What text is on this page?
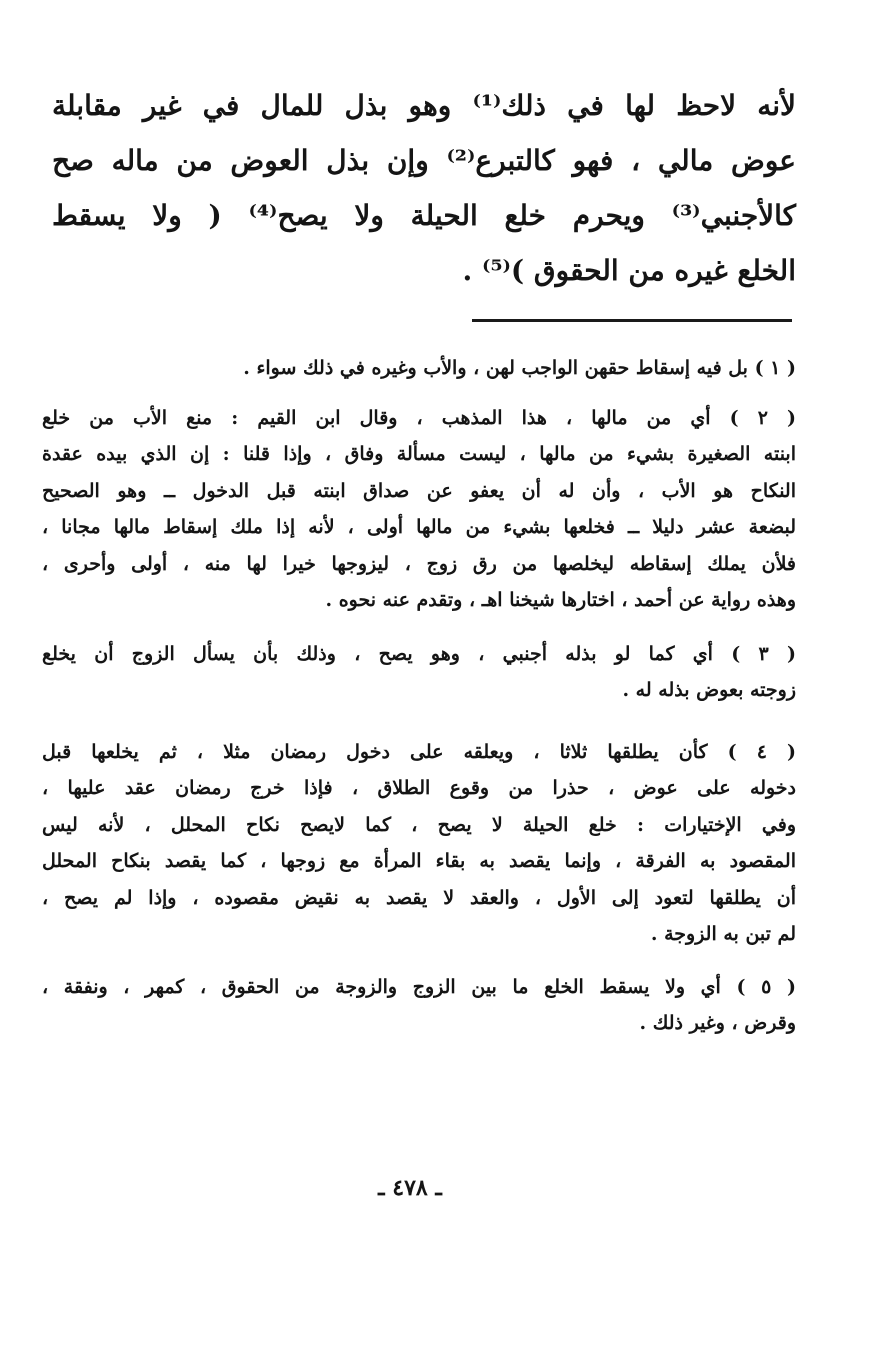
لأنه لاحظ لها في ذلك⁽¹⁾ وهو بذل للمال في غير مقابلة
عوض مالي ، فهو كالتبرع⁽²⁾ وإن بذل العوض من ماله صح
كالأجنبي⁽³⁾ ويحرم خلع الحيلة ولا يصح⁽⁴⁾ ( ولا يسقط
الخلع غيره من الحقوق )⁽⁵⁾ .

( ١ ) بل فيه إسقاط حقهن الواجب لهن ، والأب وغيره في ذلك سواء .

( ٢ ) أي من مالها ، هذا المذهب ، وقال ابن القيم : منع الأب من خلع
ابنته الصغيرة بشيء من مالها ، ليست مسألة وفاق ، وإذا قلنا : إن الذي بيده عقدة
النكاح هو الأب ، وأن له أن يعفو عن صداق ابنته قبل الدخول ــ وهو الصحيح
لبضعة عشر دليلا ــ فخلعها بشيء من مالها أولى ، لأنه إذا ملك إسقاط مالها مجانا ،
فلأن يملك إسقاطه ليخلصها من رق زوج ، ليزوجها خيرا لها منه ، أولى وأحرى ،
وهذه رواية عن أحمد ، اختارها شيخنا اهـ ، وتقدم عنه نحوه .

( ٣ ) أي كما لو بذله أجنبي ، وهو يصح ، وذلك بأن يسأل الزوج أن يخلع
زوجته بعوض بذله له .

( ٤ ) كأن يطلقها ثلاثا ، ويعلقه على دخول رمضان مثلا ، ثم يخلعها قبل
دخوله على عوض ، حذرا من وقوع الطلاق ، فإذا خرج رمضان عقد عليها ،
وفي الإختيارات : خلع الحيلة لا يصح ، كما لايصح نكاح المحلل ، لأنه ليس
المقصود به الفرقة ، وإنما يقصد به بقاء المرأة مع زوجها ، كما يقصد بنكاح المحلل
أن يطلقها لتعود إلى الأول ، والعقد لا يقصد به نقيض مقصوده ، وإذا لم يصح ،
لم تبن به الزوجة .

( ٥ ) أي ولا يسقط الخلع ما بين الزوج والزوجة من الحقوق ، كمهر ، ونفقة ،
وقرض ، وغير ذلك .

ـ ٤٧٨ ـ
